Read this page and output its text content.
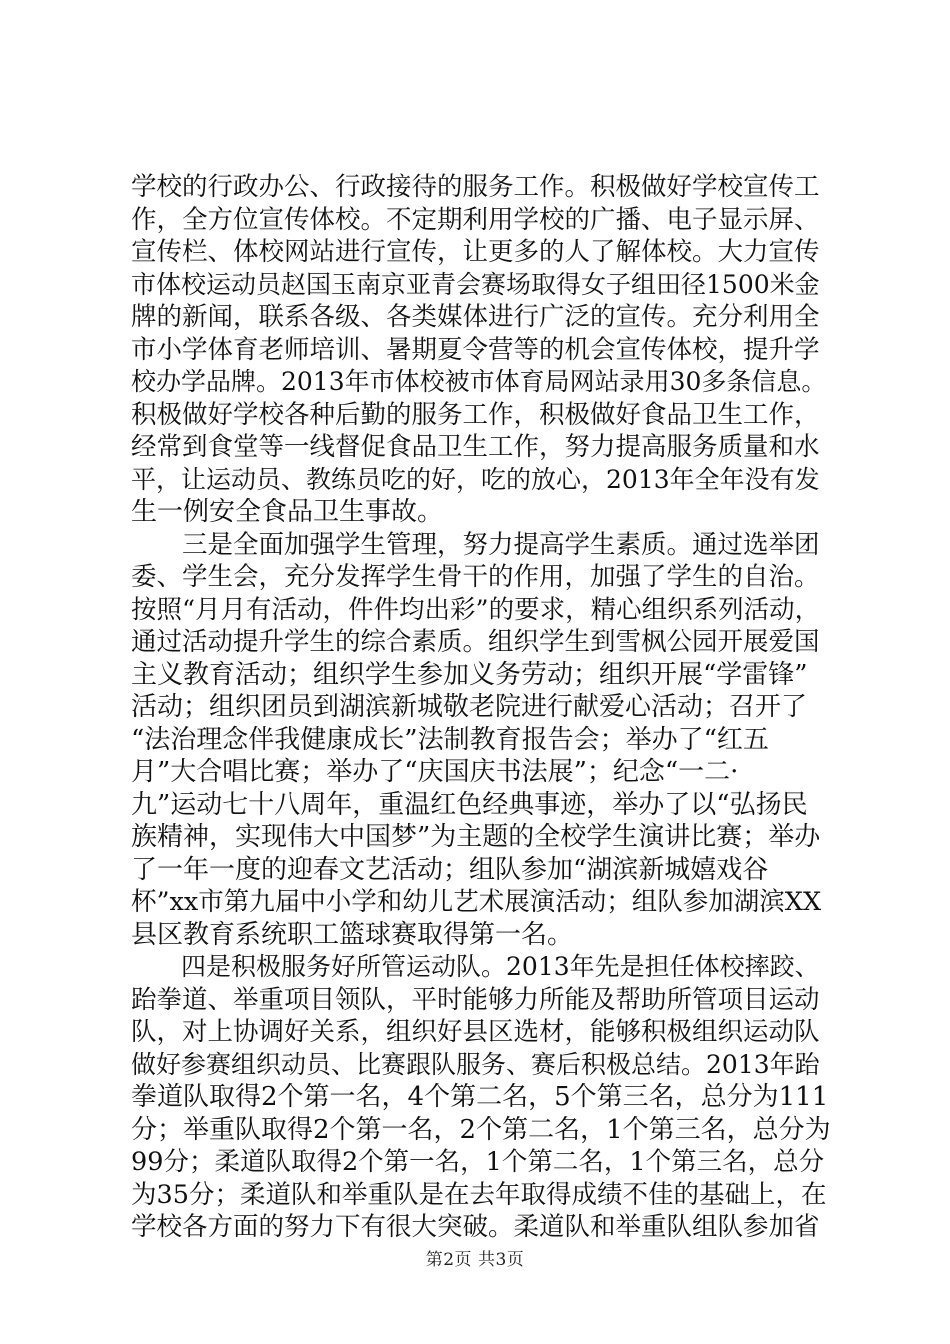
学校的行政办公、行政接待的服务工作。积极做好学校宣传工
作，全方位宣传体校。不定期利用学校的广播、电子显示屏、
宣传栏、体校网站进行宣传，让更多的人了解体校。大力宣传
市体校运动员赵国玉南京亚青会赛场取得女子组田径1500米金
牌的新闻，联系各级、各类媒体进行广泛的宣传。充分利用全
市小学体育老师培训、暑期夏令营等的机会宣传体校，提升学
校办学品牌。2013年市体校被市体育局网站录用30多条信息。
积极做好学校各种后勤的服务工作，积极做好食品卫生工作，
经常到食堂等一线督促食品卫生工作，努力提高服务质量和水
平，让运动员、教练员吃的好，吃的放心，2013年全年没有发
生一例安全食品卫生事故。
　　三是全面加强学生管理，努力提高学生素质。通过选举团
委、学生会，充分发挥学生骨干的作用，加强了学生的自治。
按照“月月有活动，件件均出彩”的要求，精心组织系列活动，
通过活动提升学生的综合素质。组织学生到雪枫公园开展爱国
主义教育活动；组织学生参加义务劳动；组织开展“学雷锋”
活动；组织团员到湖滨新城敬老院进行献爱心活动；召开了
“法治理念伴我健康成长”法制教育报告会；举办了“红五
月”大合唱比赛；举办了“庆国庆书法展”；纪念“一二·
九”运动七十八周年，重温红色经典事迹，举办了以“弘扬民
族精神，实现伟大中国梦”为主题的全校学生演讲比赛；举办
了一年一度的迎春文艺活动；组队参加“湖滨新城嬉戏谷
杯”xx市第九届中小学和幼儿艺术展演活动；组队参加湖滨XX
县区教育系统职工篮球赛取得第一名。
　　四是积极服务好所管运动队。2013年先是担任体校摔跤、
跆拳道、举重项目领队，平时能够力所能及帮助所管项目运动
队，对上协调好关系，组织好县区选材，能够积极组织运动队
做好参赛组织动员、比赛跟队服务、赛后积极总结。2013年跆
拳道队取得2个第一名，4个第二名，5个第三名，总分为111
分；举重队取得2个第一名，2个第二名，1个第三名，总分为
99分；柔道队取得2个第一名，1个第二名，1个第三名，总分
为35分；柔道队和举重队是在去年取得成绩不佳的基础上，在
学校各方面的努力下有很大突破。柔道队和举重队组队参加省
第2页 共3页
